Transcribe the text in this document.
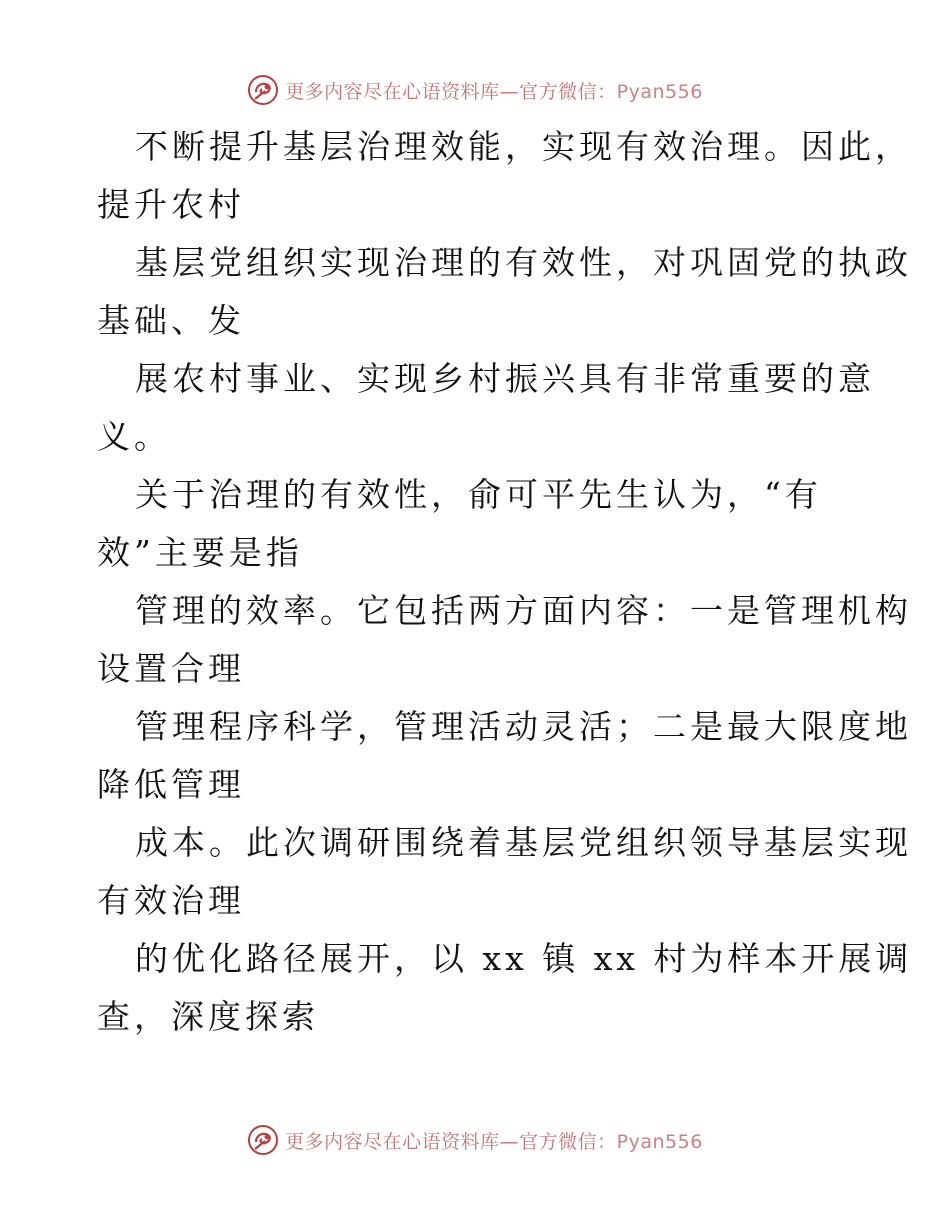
更多内容尽在心语资料库—官方微信：Pyan556
不断提升基层治理效能，实现有效治理。因此，
提升农村
基层党组织实现治理的有效性，对巩固党的执政
基础、发
展农村事业、实现乡村振兴具有非常重要的意
义。
关于治理的有效性，俞可平先生认为，“有
效”主要是指
管理的效率。它包括两方面内容：一是管理机构
设置合理
管理程序科学，管理活动灵活；二是最大限度地
降低管理
成本。此次调研围绕着基层党组织领导基层实现
有效治理
的优化路径展开，以 xx 镇 xx 村为样本开展调
查，深度探索
更多内容尽在心语资料库—官方微信：Pyan556
